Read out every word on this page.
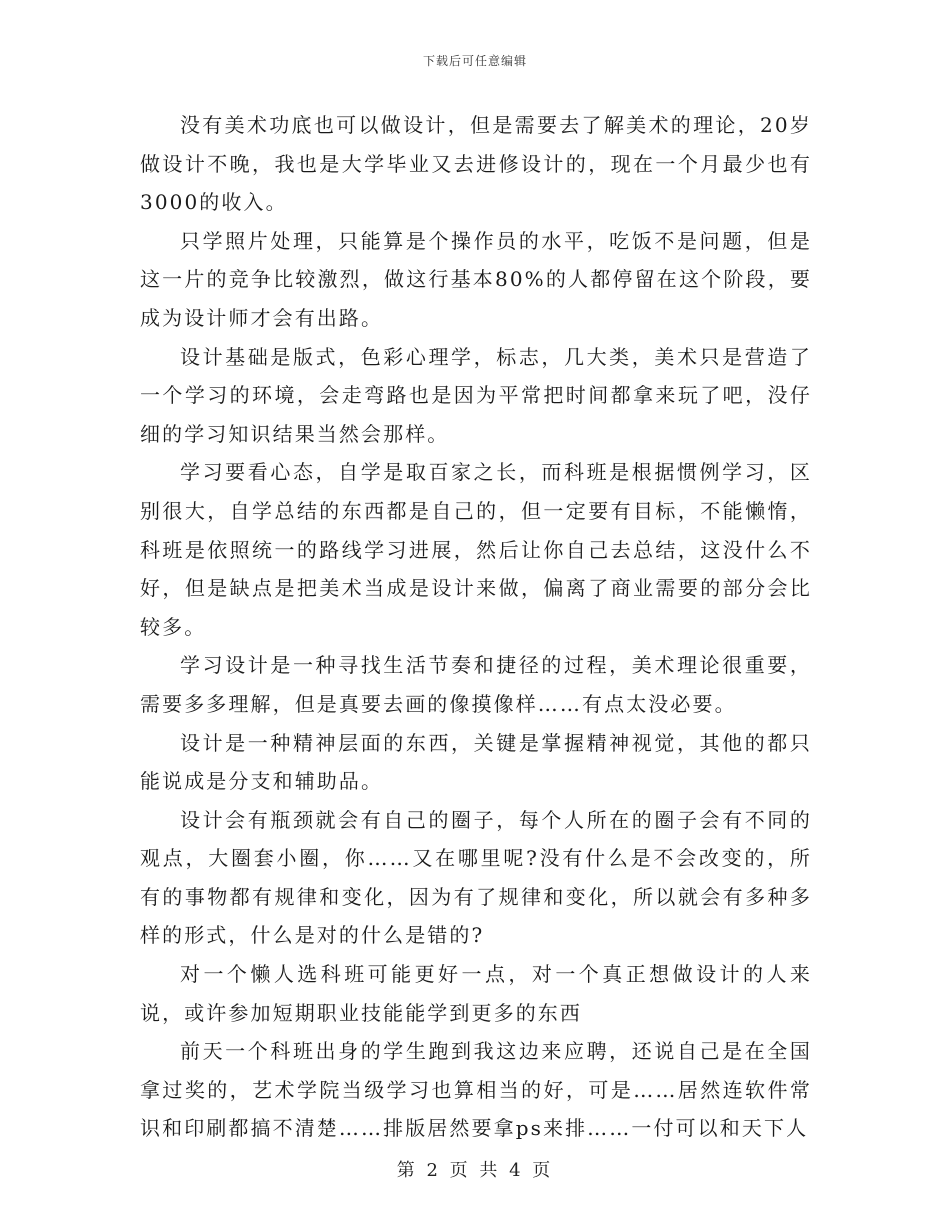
下载后可任意编辑

没有美术功底也可以做设计，但是需要去了解美术的理论，20岁做设计不晚，我也是大学毕业又去进修设计的，现在一个月最少也有3000的收入。

只学照片处理，只能算是个操作员的水平，吃饭不是问题，但是这一片的竞争比较激烈，做这行基本80%的人都停留在这个阶段，要成为设计师才会有出路。

设计基础是版式，色彩心理学，标志，几大类，美术只是营造了一个学习的环境，会走弯路也是因为平常把时间都拿来玩了吧，没仔细的学习知识结果当然会那样。

学习要看心态，自学是取百家之长，而科班是根据惯例学习，区别很大，自学总结的东西都是自己的，但一定要有目标，不能懒惰，科班是依照统一的路线学习进展，然后让你自己去总结，这没什么不好，但是缺点是把美术当成是设计来做，偏离了商业需要的部分会比较多。

学习设计是一种寻找生活节奏和捷径的过程，美术理论很重要，需要多多理解，但是真要去画的像摸像样……有点太没必要。

设计是一种精神层面的东西，关键是掌握精神视觉，其他的都只能说成是分支和辅助品。

设计会有瓶颈就会有自己的圈子，每个人所在的圈子会有不同的观点，大圈套小圈，你……又在哪里呢?没有什么是不会改变的，所有的事物都有规律和变化，因为有了规律和变化，所以就会有多种多样的形式，什么是对的什么是错的?

对一个懒人选科班可能更好一点，对一个真正想做设计的人来说，或许参加短期职业技能能学到更多的东西

前天一个科班出身的学生跑到我这边来应聘，还说自己是在全国拿过奖的，艺术学院当级学习也算相当的好，可是……居然连软件常识和印刷都搞不清楚……排版居然要拿ps来排……一付可以和天下人

第 2 页 共 4 页
